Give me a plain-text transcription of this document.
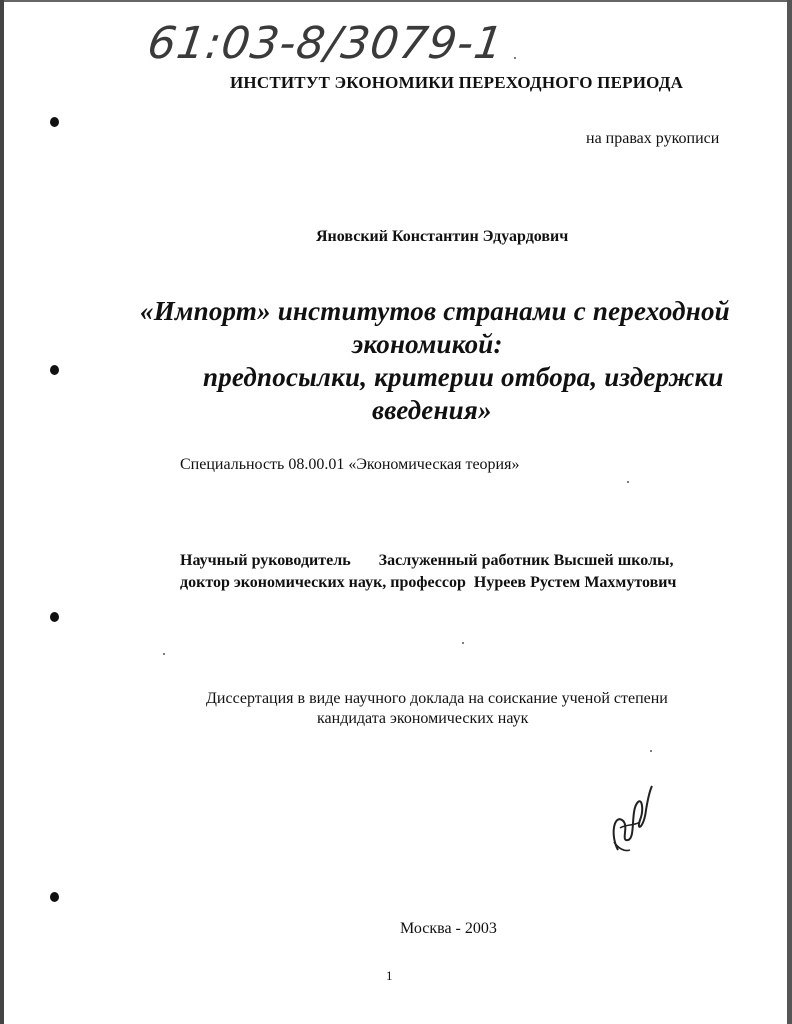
61:03-8/3079-1
ИНСТИТУТ ЭКОНОМИКИ ПЕРЕХОДНОГО ПЕРИОДА
на правах рукописи
Яновский Константин Эдуардович
«Импорт» институтов странами с переходной
экономикой:
предпосылки, критерии отбора, издержки
введения»
Специальность 08.00.01 «Экономическая теория»
Научный руководитель       Заслуженный работник Высшей школы,
доктор экономических наук, профессор  Нуреев Рустем Махмутович
Диссертация в виде научного доклада на соискание ученой степени
кандидата экономических наук
Москва - 2003
1
